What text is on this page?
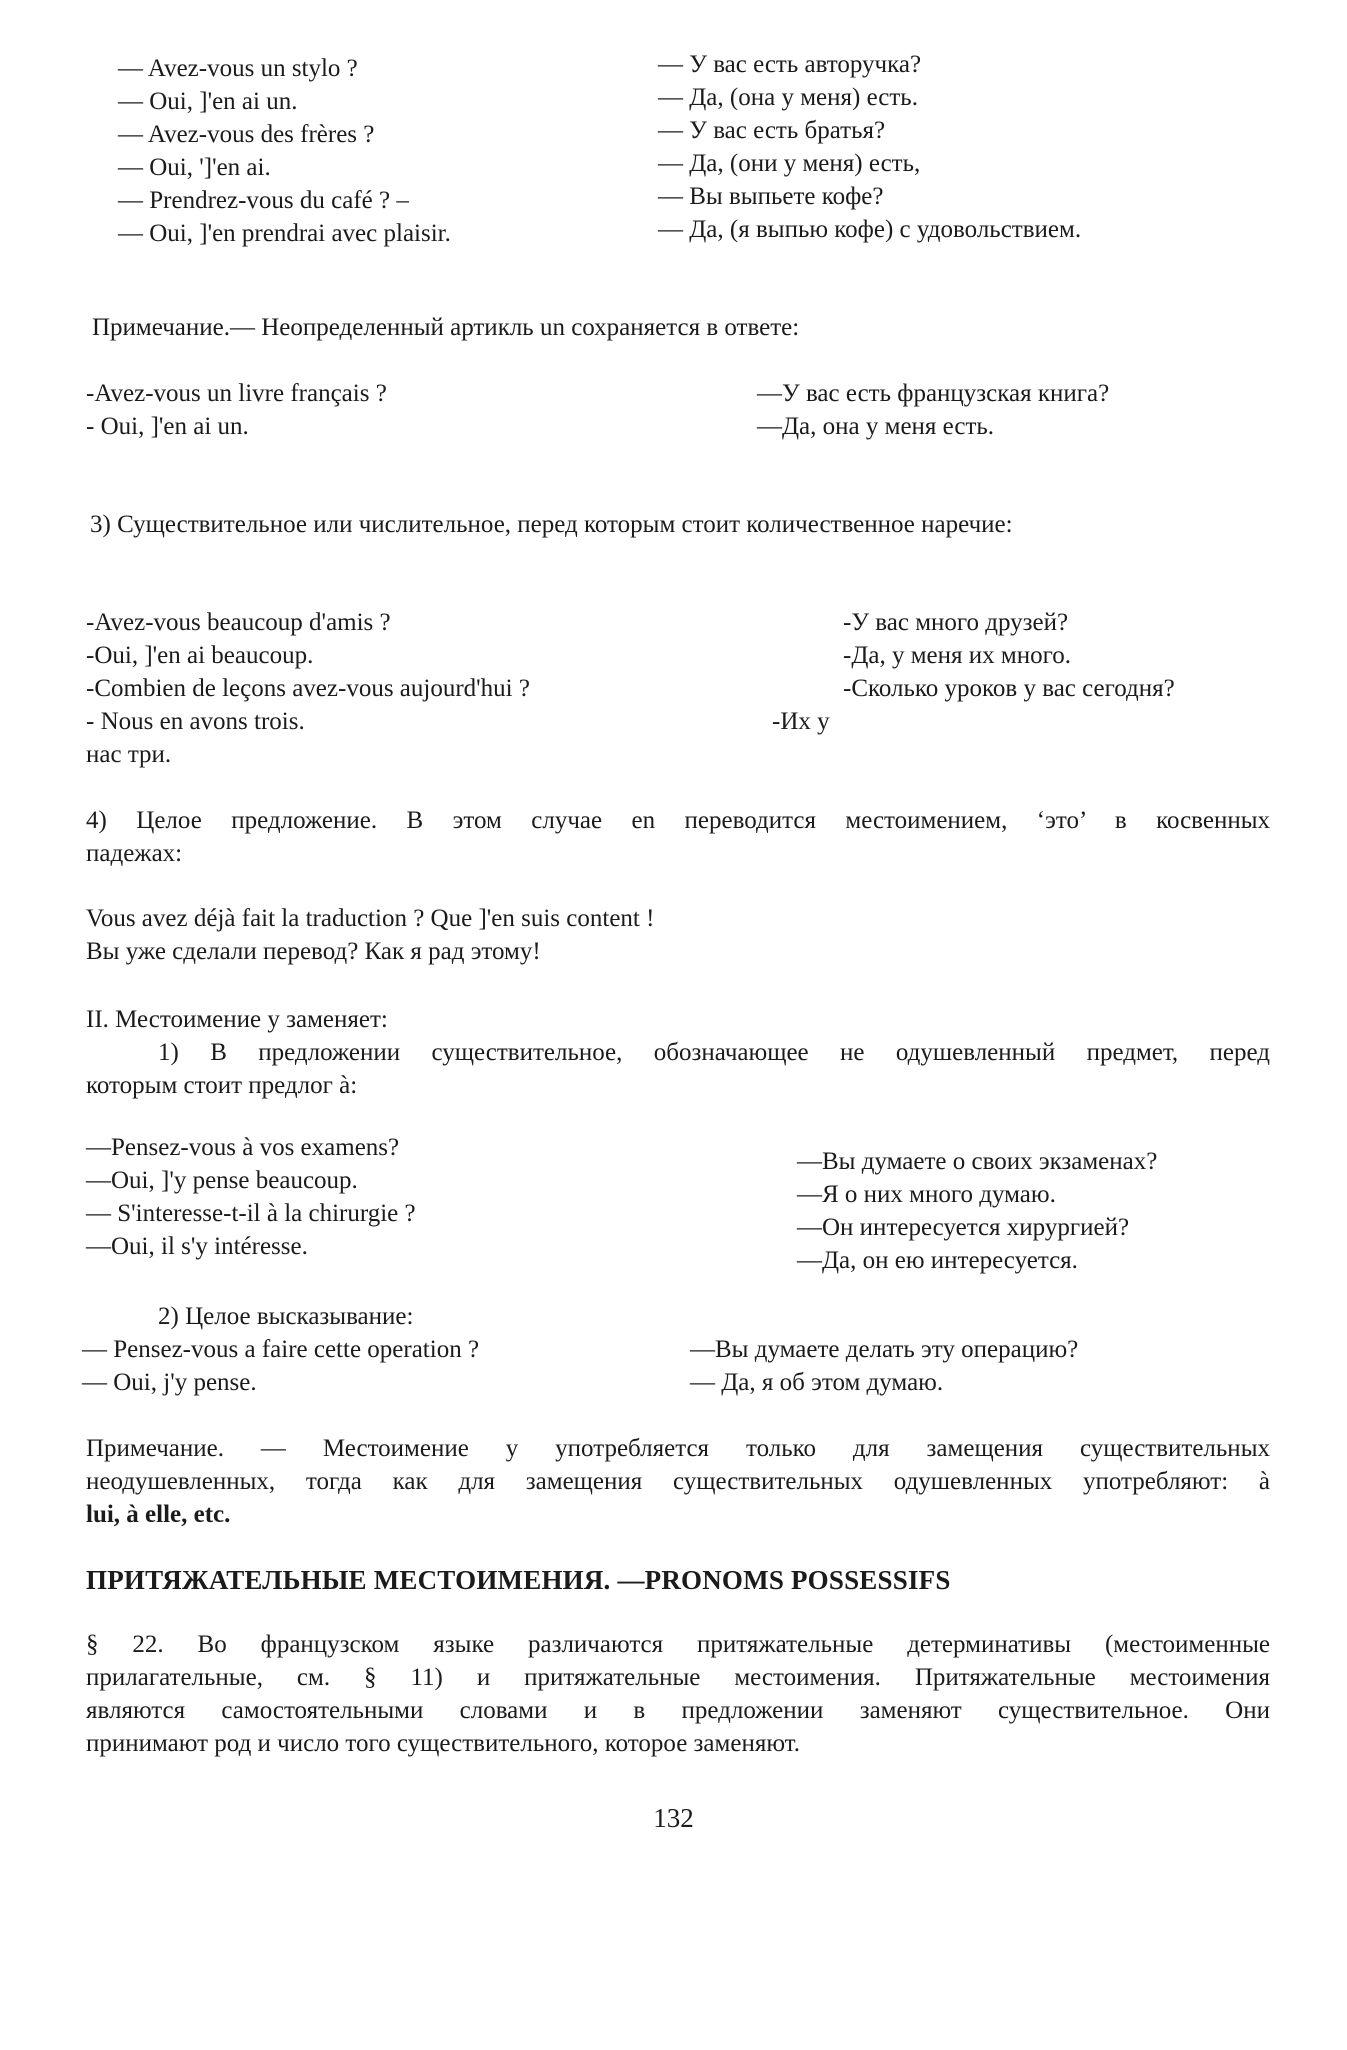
— Avez-vous un stylo ?
— Oui, ]'en ai un.
— Avez-vous des frères ?
— Oui, ']'en ai.
— Prendrez-vous du café ? –
— Oui, ]'en prendrai avec plaisir.
— У вас есть авторучка?
— Да, (она у меня) есть.
— У вас есть братья?
— Да, (они у меня) есть,
— Вы выпьете кофе?
— Да, (я выпью кофе) с удовольствием.
Примечание.— Неопределенный артикль un сохраняется в ответе:
-Avez-vous un livre français ?
- Oui, ]'en ai un.
—У вас есть французская книга?
—Да, она у меня есть.
3) Существительное или числительное, перед которым стоит количественное наречие:
-Avez-vous beaucoup d'amis ?
-Oui, ]'en ai beaucoup.
-Combien de leçons avez-vous aujourd'hui ?
- Nous en avons trois.
нас три.
-У вас много друзей?
-Да, у меня их много.
-Сколько уроков у вас сегодня?
-Их у
4) Целое предложение. В этом случае en переводится местоимением, ‘это’ в косвенных
падежах:
Vous avez déjà fait la traduction ? Que ]'en suis content !
Вы уже сделали перевод? Как я рад этому!
II. Местоимение y заменяет:
1) В предложении существительное, обозначающее не одушевленный предмет, перед
которым стоит предлог à:
—Pensez-vous à vos examens?
—Oui, ]'y pense beaucoup.
— S'interesse-t-il à la chirurgie ?
—Oui, il s'y intéresse.
—Вы думаете о своих экзаменах?
—Я о них много думаю.
—Он интересуется хирургией?
—Да, он ею интересуется.
2) Целое высказывание:
— Pensez-vous a faire cette operation ?
— Oui, j'y pense.
—Вы думаете делать эту операцию?
— Да, я об этом думаю.
Примечание. — Местоимение у употребляется только для замещения существительных
неодушевленных, тогда как для замещения существительных одушевленных употребляют: à
lui, à elle, etc.
ПРИТЯЖАТЕЛЬНЫЕ МЕСТОИМЕНИЯ. —PRONOMS POSSESSIFS
§ 22. Во французском языке различаются притяжательные детерминативы (местоименные
прилагательные, см. § 11) и притяжательные местоимения. Притяжательные местоимения
являются самостоятельными словами и в предложении заменяют существительное. Они
принимают род и число того существительного, которое заменяют.
132
